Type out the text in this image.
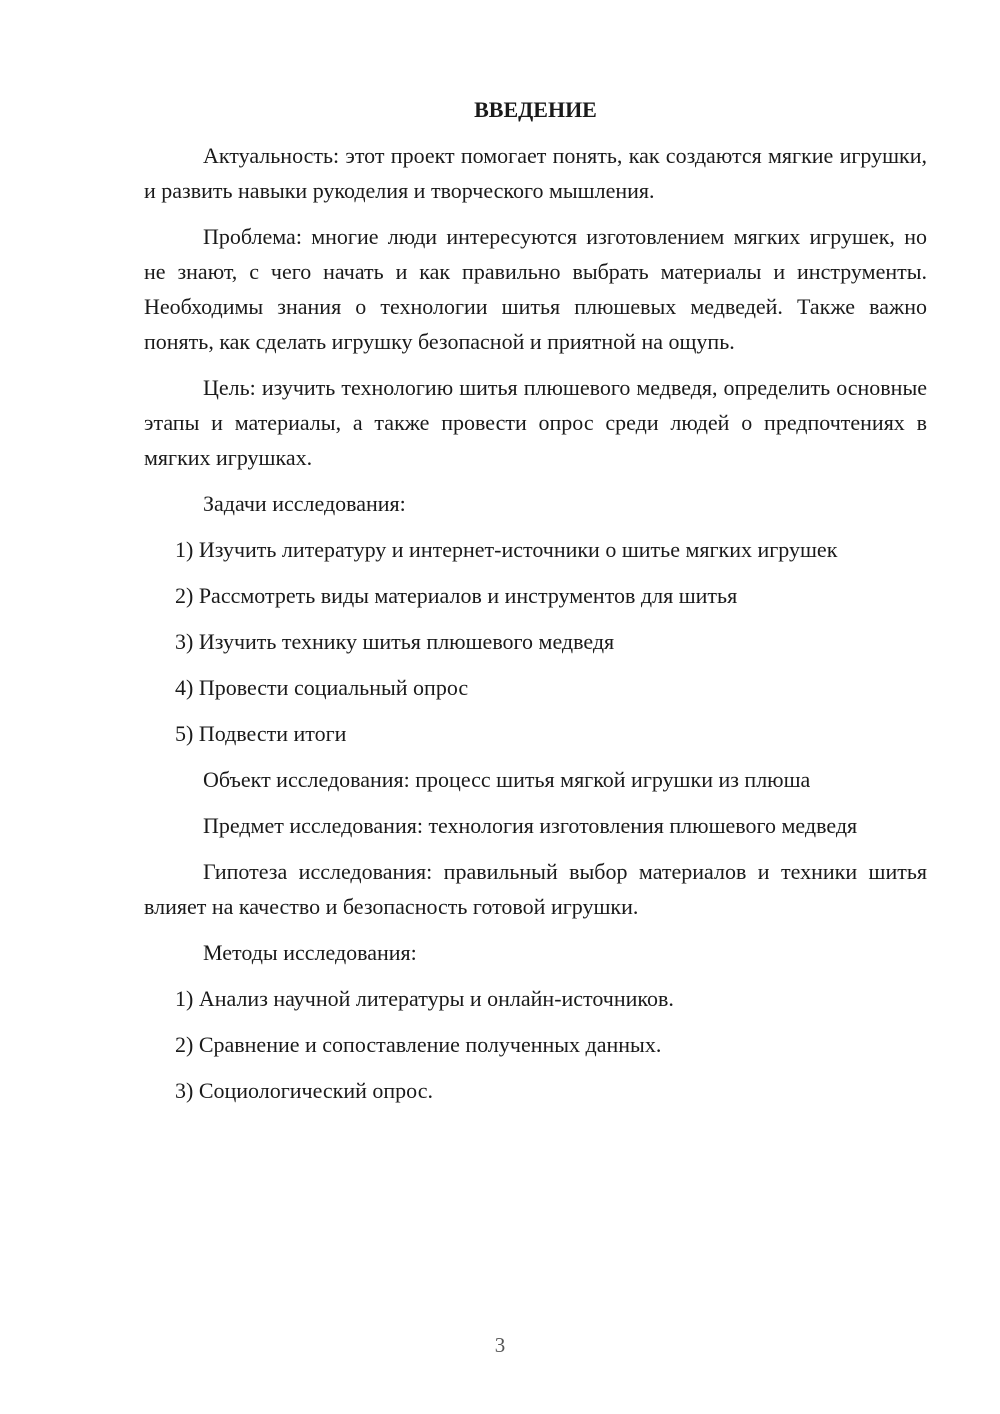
ВВЕДЕНИЕ
Актуальность: этот проект помогает понять, как создаются мягкие игрушки, и развить навыки рукоделия и творческого мышления.
Проблема: многие люди интересуются изготовлением мягких игрушек, но не знают, с чего начать и как правильно выбрать материалы и инструменты. Необходимы знания о технологии шитья плюшевых медведей. Также важно понять, как сделать игрушку безопасной и приятной на ощупь.
Цель: изучить технологию шитья плюшевого медведя, определить основные этапы и материалы, а также провести опрос среди людей о предпочтениях в мягких игрушках.
Задачи исследования:
1) Изучить литературу и интернет-источники о шитье мягких игрушек
2) Рассмотреть виды материалов и инструментов для шитья
3) Изучить технику шитья плюшевого медведя
4) Провести социальный опрос
5) Подвести итоги
Объект исследования: процесс шитья мягкой игрушки из плюша
Предмет исследования: технология изготовления плюшевого медведя
Гипотеза исследования: правильный выбор материалов и техники шитья влияет на качество и безопасность готовой игрушки.
Методы исследования:
1) Анализ научной литературы и онлайн-источников.
2) Сравнение и сопоставление полученных данных.
3) Социологический опрос.
3
